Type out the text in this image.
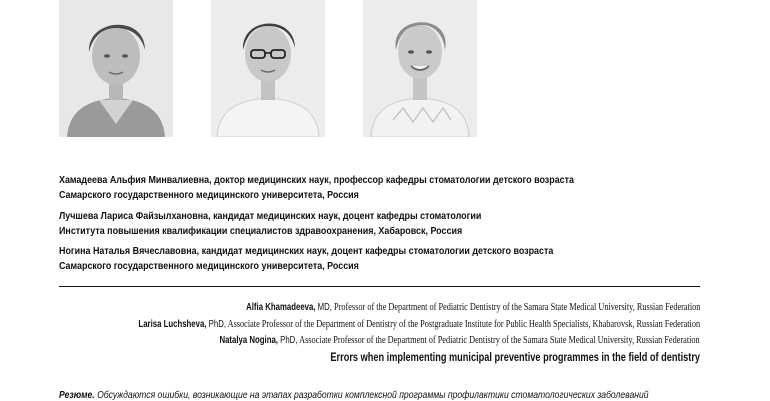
Хамадеева Альфия Минвалиевна, доктор медицинских наук, профессор кафедры стоматологии детского возраста
Самарского государственного медицинского университета, Россия
Лучшева Лариса Файзылхановна, кандидат медицинских наук, доцент кафедры стоматологии
Института повышения квалификации специалистов здравоохранения, Хабаровск, Россия
Ногина Наталья Вячеславовна, кандидат медицинских наук, доцент кафедры стоматологии детского возраста
Самарского государственного медицинского университета, Россия
Alfia Khamadeeva, MD, Professor of the Department of Pediatric Dentistry of the Samara State Medical University, Russian Federation
Larisa Luchsheva, PhD, Associate Professor of the Department of Dentistry of the Postgraduate Institute for Public Health Specialists, Khabarovsk, Russian Federation
Natalya Nogina, PhD, Associate Professor of the Department of Pediatric Dentistry of the Samara State Medical University, Russian Federation
Errors when implementing municipal preventive programmes in the field of dentistry
Резюме. Обсуждаются ошибки, возникающие на этапах разработки комплексной программы профилактики стоматологических заболеваний
